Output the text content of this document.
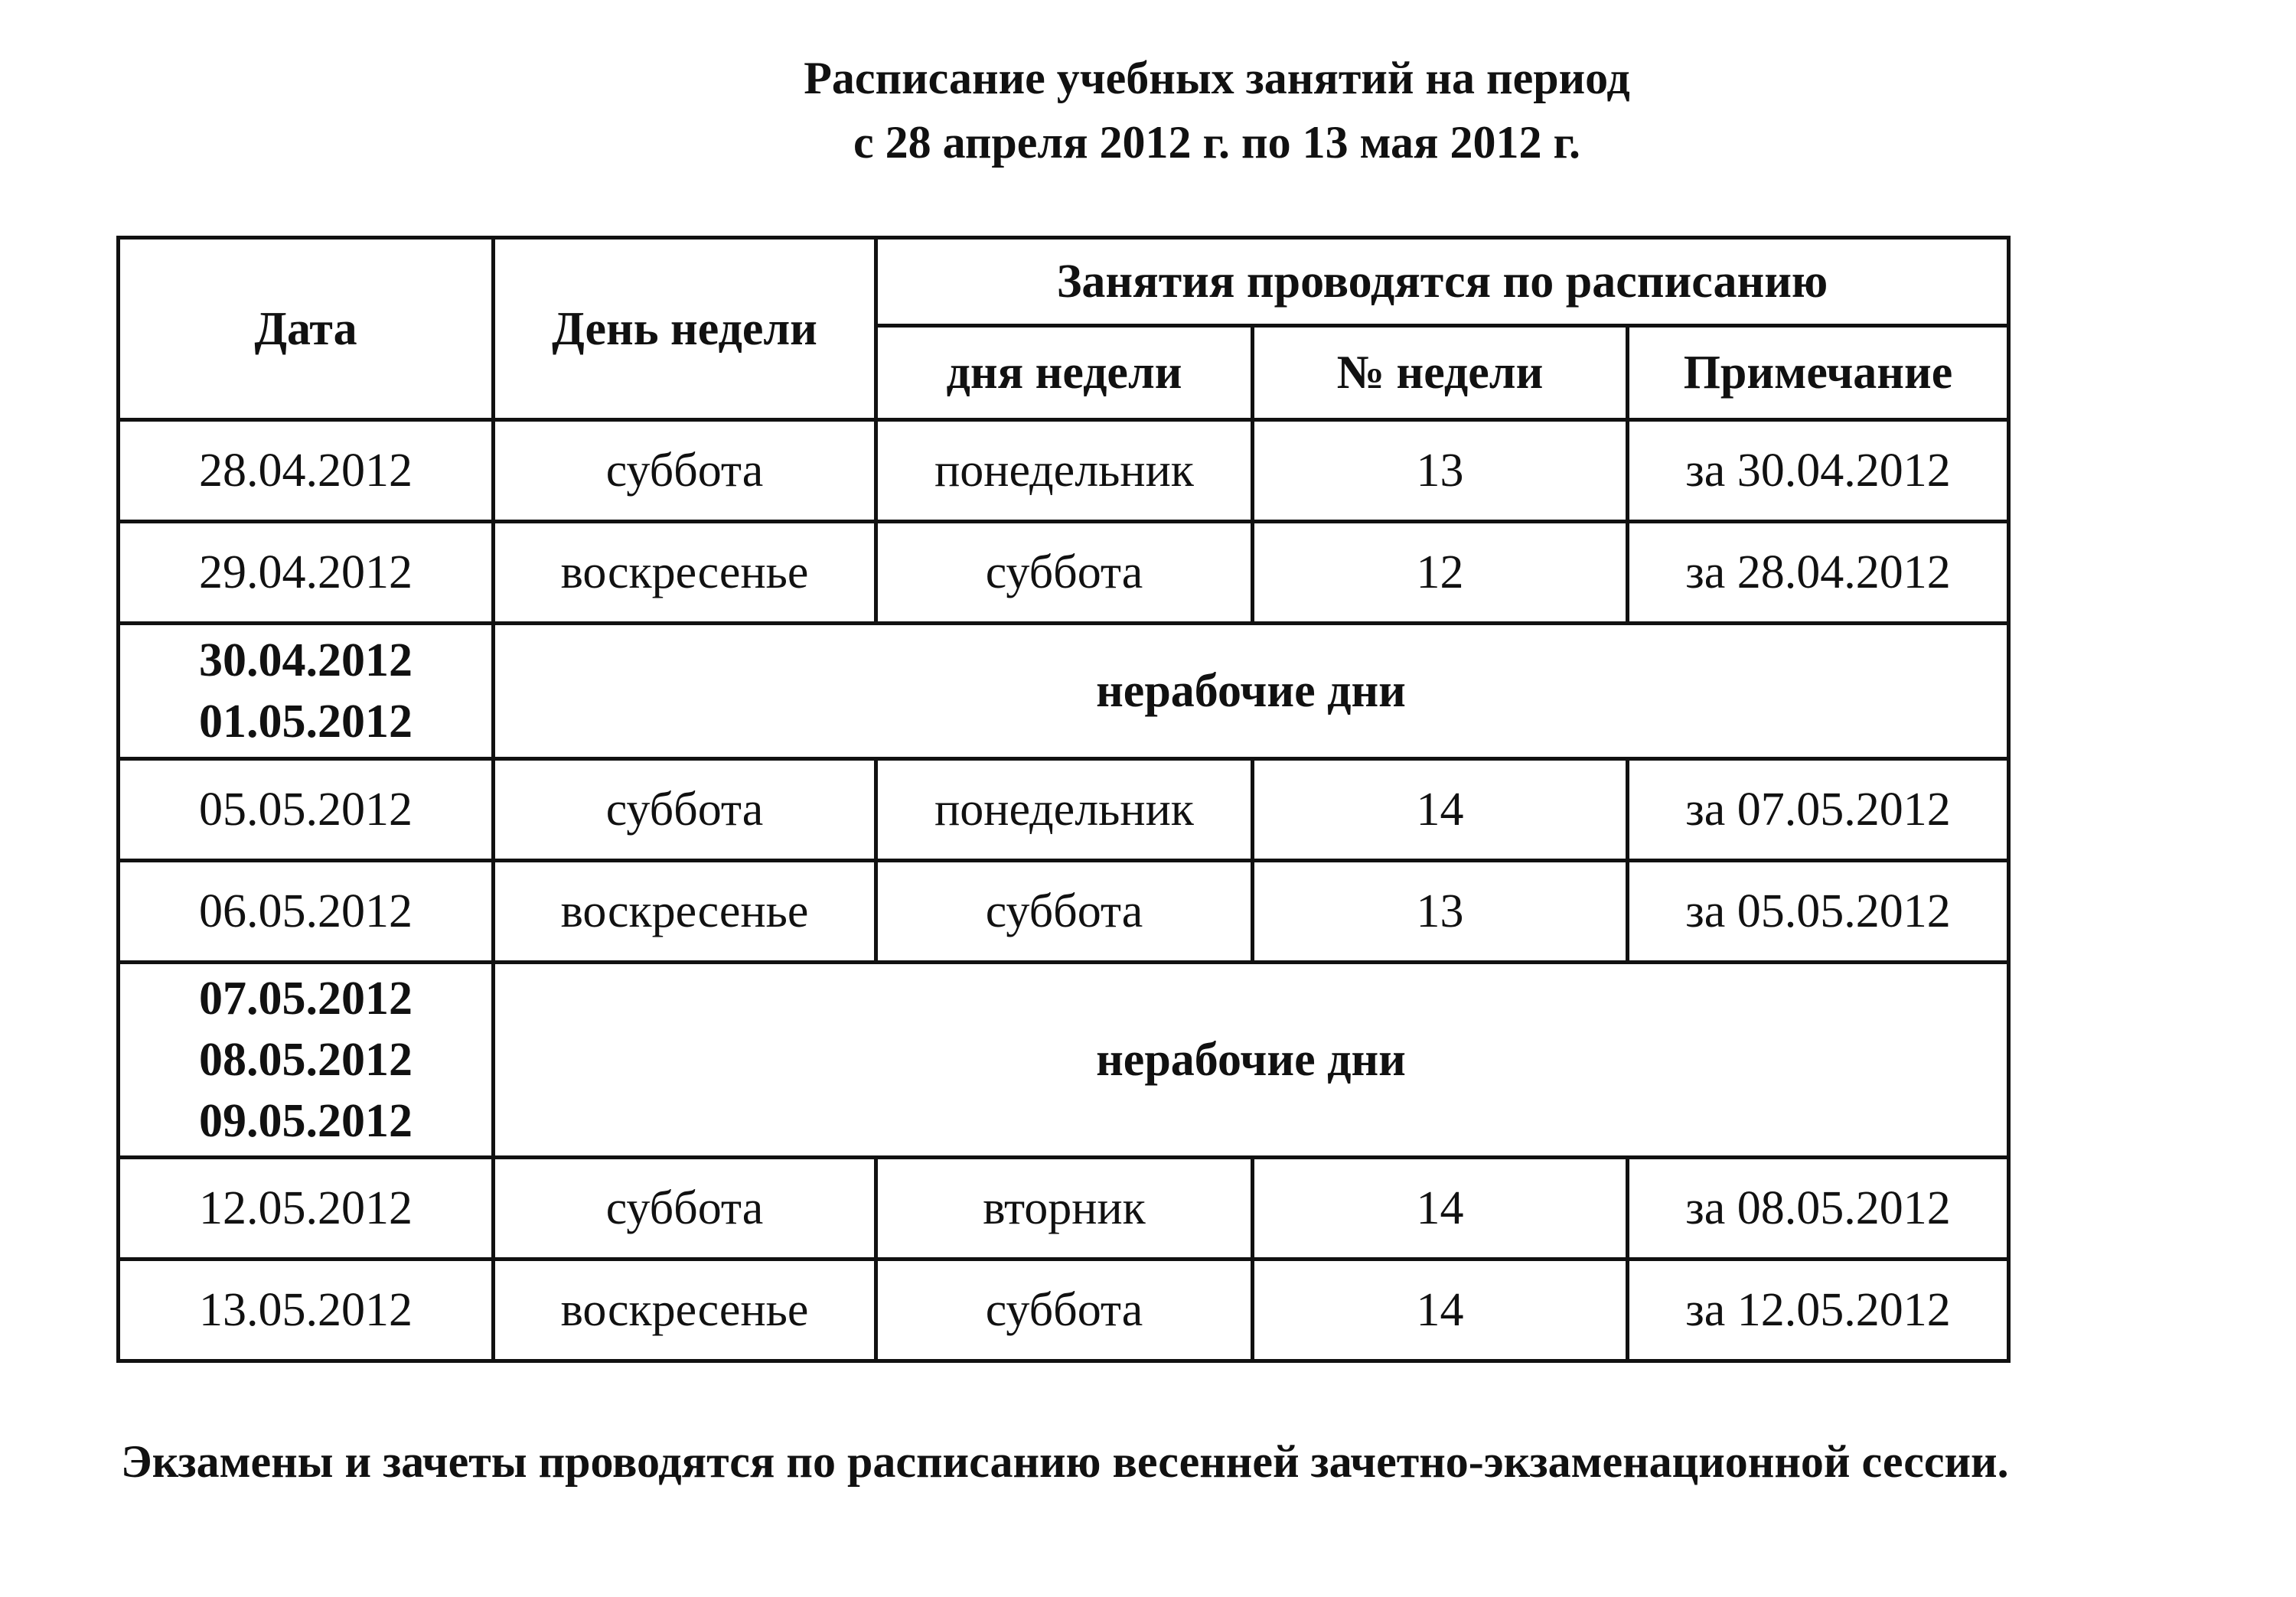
Расписание учебных занятий на период
с 28 апреля 2012 г. по 13 мая 2012 г.
Дата	День недели	Занятия проводятся по расписанию		
		дня недели	№ недели	Примечание
28.04.2012	суббота	понедельник	13	за 30.04.2012
29.04.2012	воскресенье	суббота	12	за 28.04.2012

30.04.2012
01.05.2012	нерабочие дни			
05.05.2012	суббота	понедельник	14	за 07.05.2012
06.05.2012	воскресенье	суббота	13	за 05.05.2012

07.05.2012
08.05.2012
09.05.2012	нерабочие дни			
12.05.2012	суббота	вторник	14	за 08.05.2012
13.05.2012	воскресенье	суббота	14	за 12.05.2012
Экзамены и зачеты проводятся по расписанию весенней зачетно-экзаменационной сессии.
